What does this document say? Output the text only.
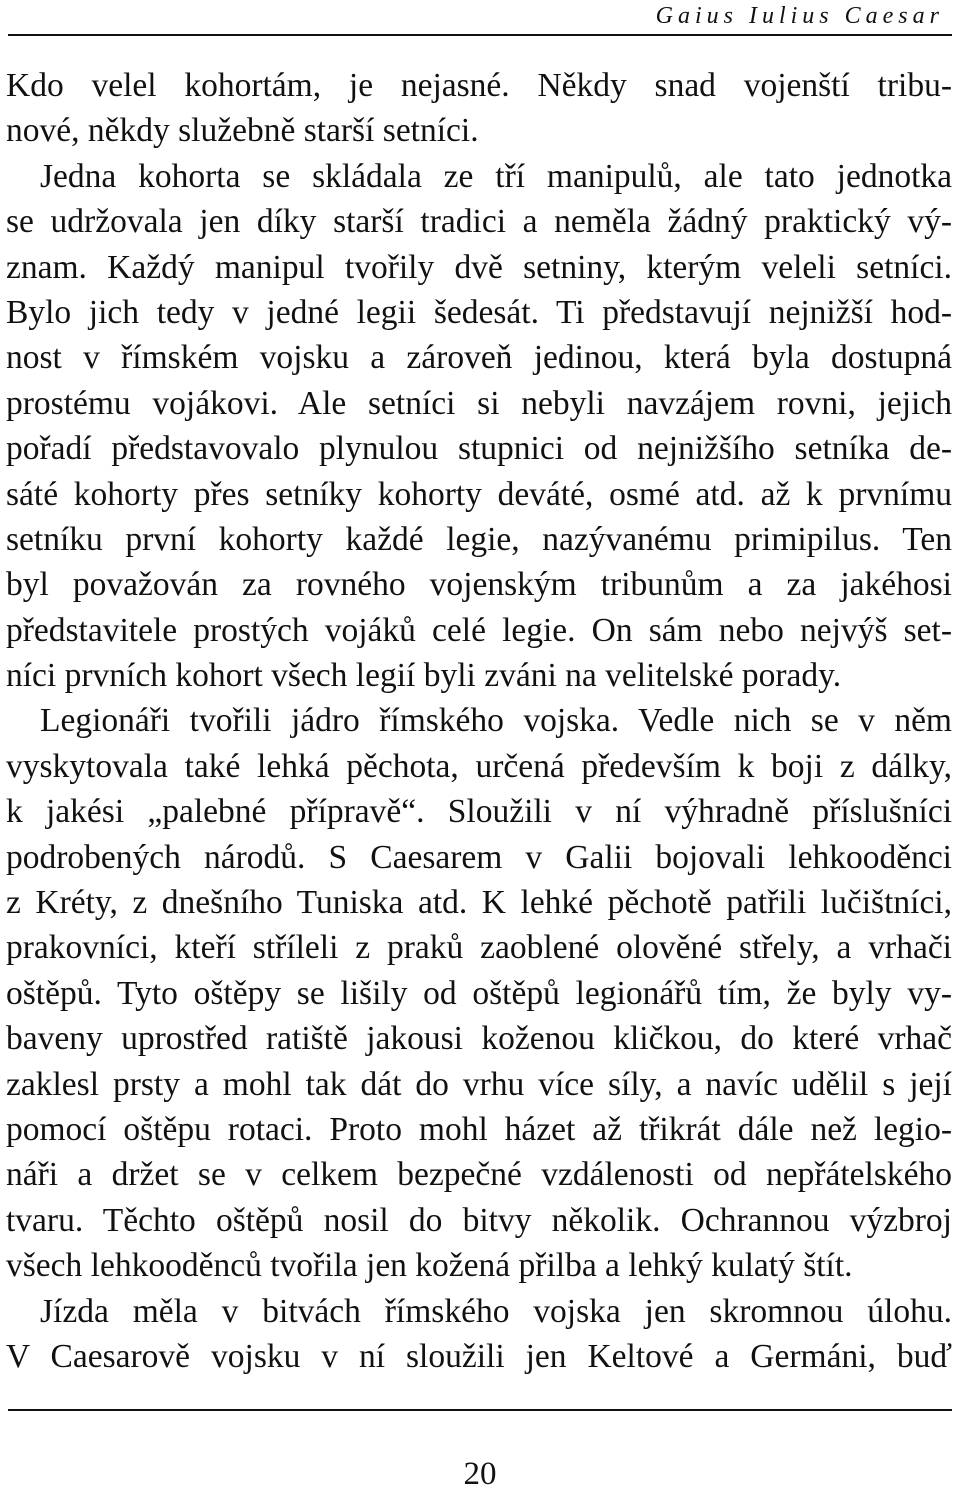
Gaius Iulius Caesar
Kdo velel kohortám, je nejasné. Někdy snad vojenští tribu-
nové, někdy služebně starší setníci.
Jedna kohorta se skládala ze tří manipulů, ale tato jednotka
se udržovala jen díky starší tradici a neměla žádný praktický vý-
znam. Každý manipul tvořily dvě setniny, kterým veleli setníci.
Bylo jich tedy v jedné legii šedesát. Ti představují nejnižší hod-
nost v římském vojsku a zároveň jedinou, která byla dostupná
prostému vojákovi. Ale setníci si nebyli navzájem rovni, jejich
pořadí představovalo plynulou stupnici od nejnižšího setníka de-
sáté kohorty přes setníky kohorty deváté, osmé atd. až k prvnímu
setníku první kohorty každé legie, nazývanému primipilus. Ten
byl považován za rovného vojenským tribunům a za jakéhosi
představitele prostých vojáků celé legie. On sám nebo nejvýš set-
níci prvních kohort všech legií byli zváni na velitelské porady.
Legionáři tvořili jádro římského vojska. Vedle nich se v něm
vyskytovala také lehká pěchota, určená především k boji z dálky,
k jakési „palebné přípravě“. Sloužili v ní výhradně příslušníci
podrobených národů. S Caesarem v Galii bojovali lehkooděnci
z Kréty, z dnešního Tuniska atd. K lehké pěchotě patřili lučištníci,
prakovníci, kteří stříleli z praků zaoblené olověné střely, a vrhači
oštěpů. Tyto oštěpy se lišily od oštěpů legionářů tím, že byly vy-
baveny uprostřed ratiště jakousi koženou kličkou, do které vrhač
zaklesl prsty a mohl tak dát do vrhu více síly, a navíc udělil s její
pomocí oštěpu rotaci. Proto mohl házet až třikrát dále než legio-
náři a držet se v celkem bezpečné vzdálenosti od nepřátelského
tvaru. Těchto oštěpů nosil do bitvy několik. Ochrannou výzbroj
všech lehkooděnců tvořila jen kožená přilba a lehký kulatý štít.
Jízda měla v bitvách římského vojska jen skromnou úlohu.
V Caesarově vojsku v ní sloužili jen Keltové a Germáni, buď
20
